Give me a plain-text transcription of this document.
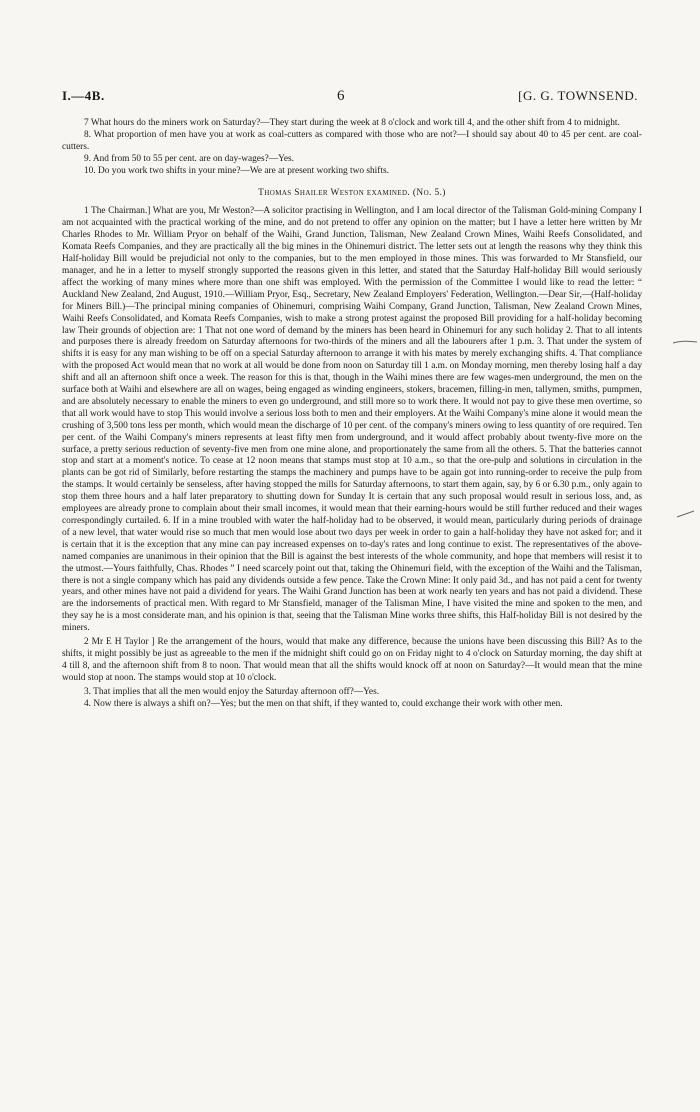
I.—4B.	6	[G. G. TOWNSEND.

7 What hours do the miners work on Saturday?—They start during the week at 8 o'clock and work till 4, and the other shift from 4 to midnight.

8. What proportion of men have you at work as coal-cutters as compared with those who are not?—I should say about 40 to 45 per cent. are coal-cutters.

9. And from 50 to 55 per cent. are on day-wages?—Yes.

10. Do you work two shifts in your mine?—We are at present working two shifts.

Thomas Shailer Weston examined. (No. 5.)

1 The Chairman.] What are you, Mr Weston?—A solicitor practising in Wellington, and I am local director of the Talisman Gold-mining Company I am not acquainted with the practical working of the mine, and do not pretend to offer any opinion on the matter; but I have a letter here written by Mr Charles Rhodes to Mr. William Pryor on behalf of the Waihi, Grand Junction, Talisman, New Zealand Crown Mines, Waihi Reefs Consolidated, and Komata Reefs Companies, and they are practically all the big mines in the Ohinemuri district. The letter sets out at length the reasons why they think this Half-holiday Bill would be prejudicial not only to the companies, but to the men employed in those mines. This was forwarded to Mr Stansfield, our manager, and he in a letter to myself strongly supported the reasons given in this letter, and stated that the Saturday Half-holiday Bill would seriously affect the working of many mines where more than one shift was employed. With the permission of the Committee I would like to read the letter: “ Auckland New Zealand, 2nd August, 1910.—William Pryor, Esq., Secretary, New Zealand Employers' Federation, Wellington.—Dear Sir,—(Half-holiday for Miners Bill.)—The principal mining companies of Ohinemuri, comprising Waihi Company, Grand Junction, Talisman, New Zealand Crown Mines, Waihi Reefs Consolidated, and Komata Reefs Companies, wish to make a strong protest against the proposed Bill providing for a half-holiday becoming law Their grounds of objection are: 1 That not one word of demand by the miners has been heard in Ohinemuri for any such holiday 2. That to all intents and purposes there is already freedom on Saturday afternoons for two-thirds of the miners and all the labourers after 1 p.m. 3. That under the system of shifts it is easy for any man wishing to be off on a special Saturday afternoon to arrange it with his mates by merely exchanging shifts. 4. That compliance with the proposed Act would mean that no work at all would be done from noon on Saturday till 1 a.m. on Monday morning, men thereby losing half a day shift and all an afternoon shift once a week. The reason for this is that, though in the Waihi mines there are few wages-men underground, the men on the surface both at Waihi and elsewhere are all on wages, being engaged as winding engineers, stokers, bracemen, filling-in men, tallymen, smiths, pumpmen, and are absolutely necessary to enable the miners to even go underground, and still more so to work there. It would not pay to give these men overtime, so that all work would have to stop This would involve a serious loss both to men and their employers. At the Waihi Company's mine alone it would mean the crushing of 3,500 tons less per month, which would mean the discharge of 10 per cent. of the company's miners owing to less quantity of ore required. Ten per cent. of the Waihi Company's miners represents at least fifty men from underground, and it would affect probably about twenty-five more on the surface, a pretty serious reduction of seventy-five men from one mine alone, and proportionately the same from all the others. 5. That the batteries cannot stop and start at a moment's notice. To cease at 12 noon means that stamps must stop at 10 a.m., so that the ore-pulp and solutions in circulation in the plants can be got rid of Similarly, before restarting the stamps the machinery and pumps have to be again got into running-order to receive the pulp from the stamps. It would certainly be senseless, after having stopped the mills for Saturday afternoons, to start them again, say, by 6 or 6.30 p.m., only again to stop them three hours and a half later preparatory to shutting down for Sunday It is certain that any such proposal would result in serious loss, and, as employees are already prone to complain about their small incomes, it would mean that their earning-hours would be still further reduced and their wages correspondingly curtailed. 6. If in a mine troubled with water the half-holiday had to be observed, it would mean, particularly during periods of drainage of a new level, that water would rise so much that men would lose about two days per week in order to gain a half-holiday they have not asked for; and it is certain that it is the exception that any mine can pay increased expenses on to-day's rates and long continue to exist. The representatives of the above-named companies are unanimous in their opinion that the Bill is against the best interests of the whole community, and hope that members will resist it to the utmost.—Yours faithfully, Chas. Rhodes ” I need scarcely point out that, taking the Ohinemuri field, with the exception of the Waihi and the Talisman, there is not a single company which has paid any dividends outside a few pence. Take the Crown Mine: It only paid 3d., and has not paid a cent for twenty years, and other mines have not paid a dividend for years. The Waihi Grand Junction has been at work nearly ten years and has not paid a dividend. These are the indorsements of practical men. With regard to Mr Stansfield, manager of the Talisman Mine, I have visited the mine and spoken to the men, and they say he is a most considerate man, and his opinion is that, seeing that the Talisman Mine works three shifts, this Half-holiday Bill is not desired by the miners.

2 Mr E H Taylor ] Re the arrangement of the hours, would that make any difference, because the unions have been discussing this Bill? As to the shifts, it might possibly be just as agreeable to the men if the midnight shift could go on on Friday night to 4 o'clock on Saturday morning, the day shift at 4 till 8, and the afternoon shift from 8 to noon. That would mean that all the shifts would knock off at noon on Saturday?—It would mean that the mine would stop at noon. The stamps would stop at 10 o'clock.

3. That implies that all the men would enjoy the Saturday afternoon off?—Yes.

4. Now there is always a shift on?—Yes; but the men on that shift, if they wanted to, could exchange their work with other men.
